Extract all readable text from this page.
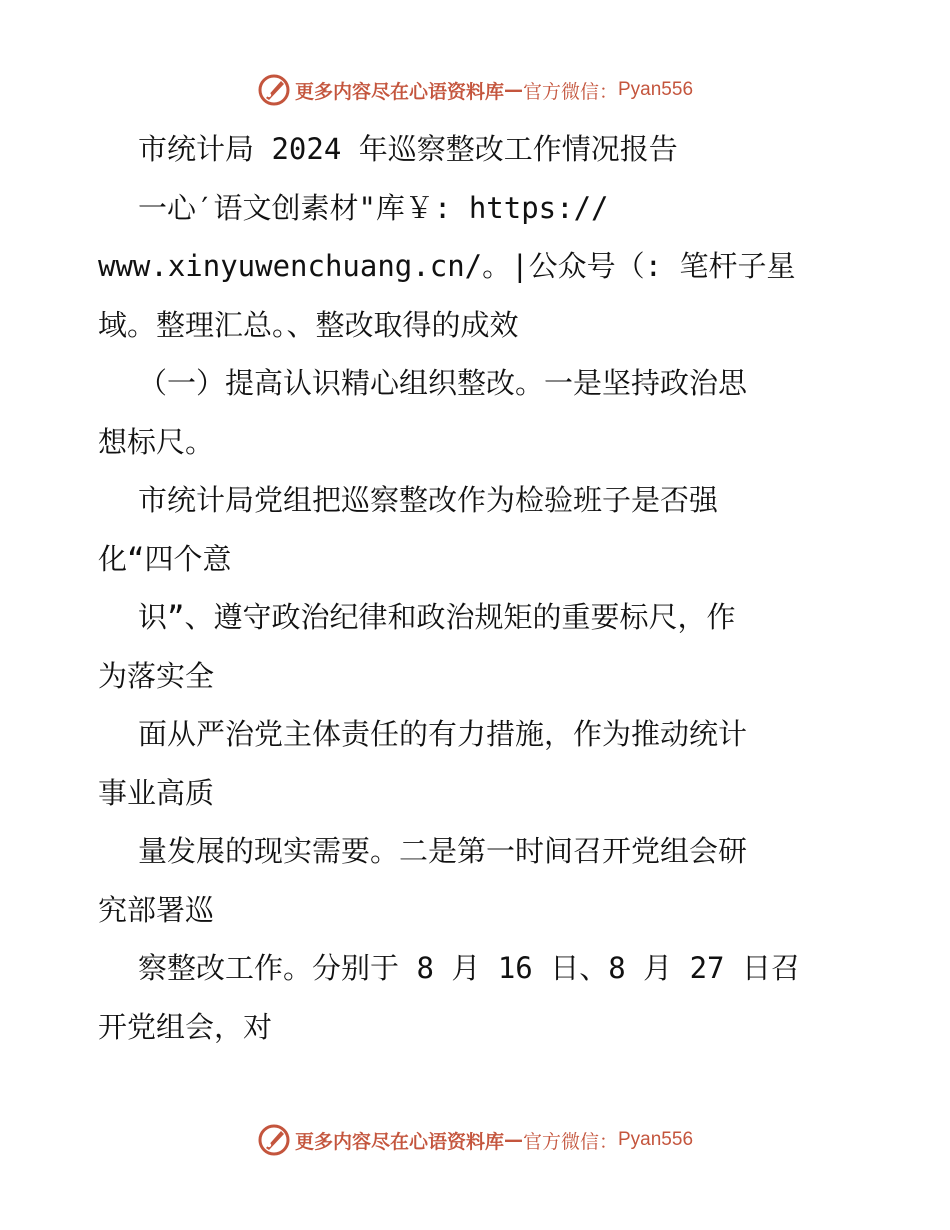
更多内容尽在心语资料库 — 官方微信： Pyan556
市统计局 2024 年巡察整改工作情况报告
一心′语文创素材"库￥: https://
www.xinyuwenchuang.cn/。|公众号（: 笔杆子星
域。整理汇总。、整改取得的成效
（一）提高认识精心组织整改。一是坚持政治思
想标尺。
市统计局党组把巡察整改作为检验班子是否强
化“四个意
识”、遵守政治纪律和政治规矩的重要标尺，作
为落实全
面从严治党主体责任的有力措施，作为推动统计
事业高质
量发展的现实需要。二是第一时间召开党组会研
究部署巡
察整改工作。分别于 8 月 16 日、8 月 27 日召
开党组会，对
更多内容尽在心语资料库 — 官方微信： Pyan556
